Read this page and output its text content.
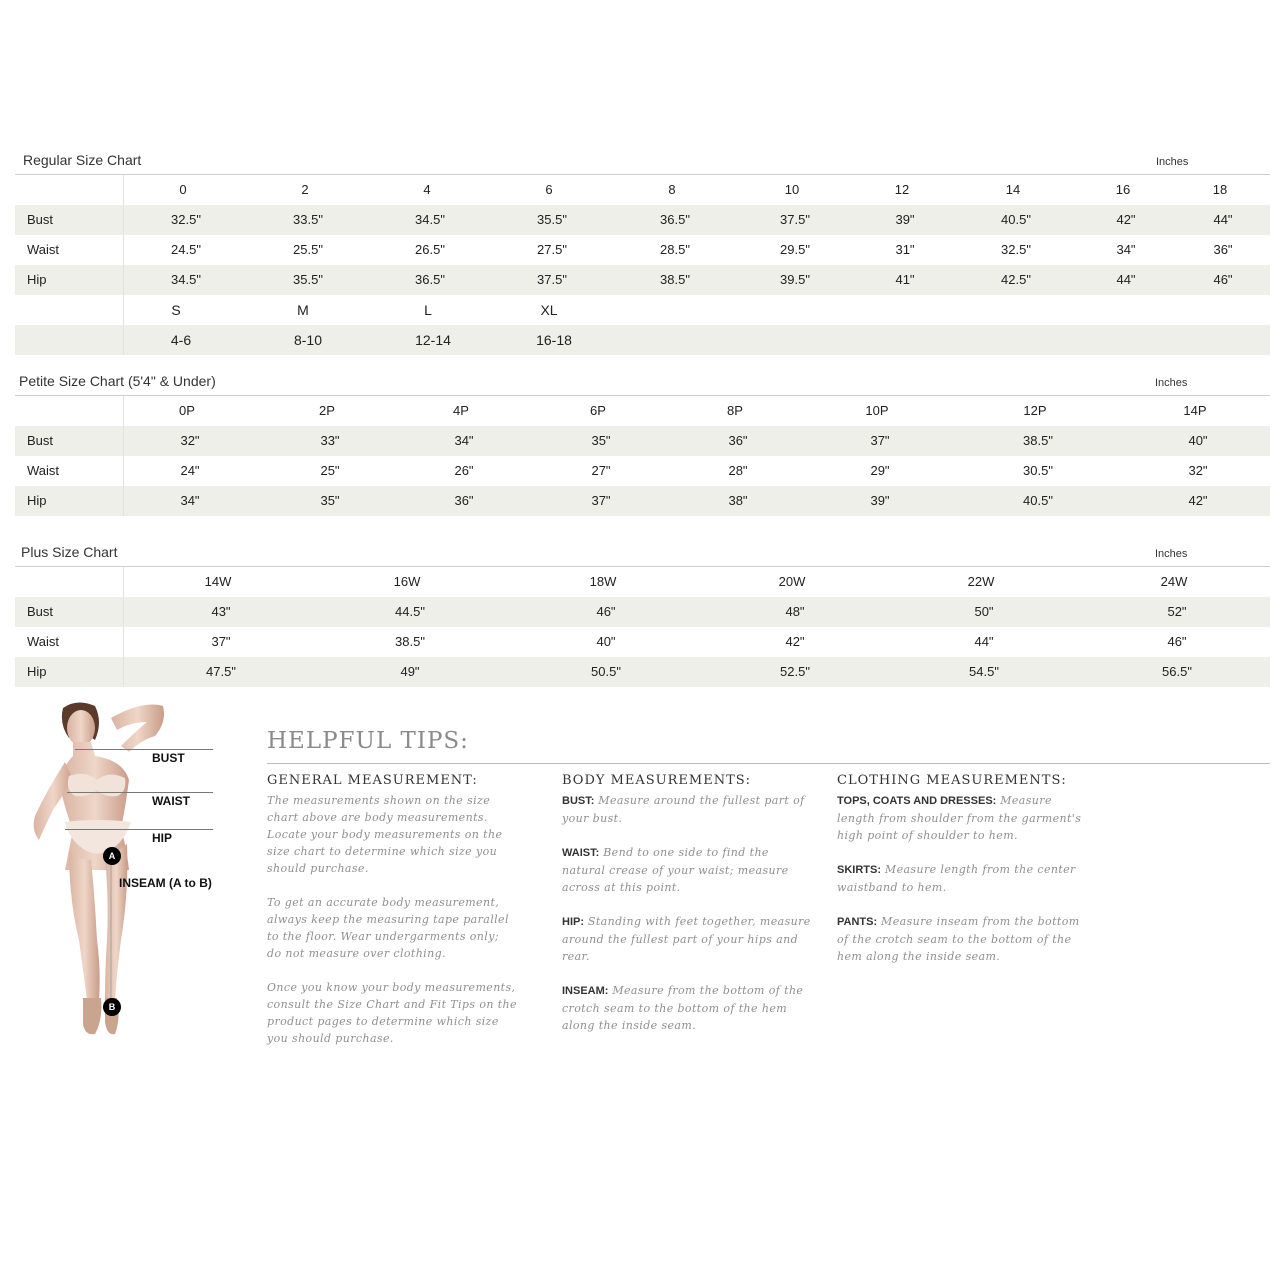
Regular Size Chart	Inches
0	2	4	6	8	10	12	14	16	18
Bust	32.5"	33.5"	34.5"	35.5"	36.5"	37.5"	39"	40.5"	42"	44"
Waist	24.5"	25.5"	26.5"	27.5"	28.5"	29.5"	31"	32.5"	34"	36"
Hip	34.5"	35.5"	36.5"	37.5"	38.5"	39.5"	41"	42.5"	44"	46"
S	M	L	XL
4-6	8-10	12-14	16-18
Petite Size Chart (5'4" & Under)	Inches
0P	2P	4P	6P	8P	10P	12P	14P
Bust	32"	33"	34"	35"	36"	37"	38.5"	40"
Waist	24"	25"	26"	27"	28"	29"	30.5"	32"
Hip	34"	35"	36"	37"	38"	39"	40.5"	42"
Plus Size Chart	Inches
14W	16W	18W	20W	22W	24W
Bust	43"	44.5"	46"	48"	50"	52"
Waist	37"	38.5"	40"	42"	44"	46"
Hip	47.5"	49"	50.5"	52.5"	54.5"	56.5"
BUST
WAIST
HIP
INSEAM (A to B)
A
B
HELPFUL TIPS:
GENERAL MEASUREMENT:

The measurements shown on the size chart above are body measurements. Locate your body measurements on the size chart to determine which size you should purchase.

To get an accurate body measurement, always keep the measuring tape parallel to the floor. Wear undergarments only; do not measure over clothing.

Once you know your body measurements, consult the Size Chart and Fit Tips on the product pages to determine which size you should purchase.

BODY MEASUREMENTS:

BUST: Measure around the fullest part of your bust.

WAIST: Bend to one side to find the natural crease of your waist; measure across at this point.

HIP: Standing with feet together, measure around the fullest part of your hips and rear.

INSEAM: Measure from the bottom of the crotch seam to the bottom of the hem along the inside seam.

CLOTHING MEASUREMENTS:

TOPS, COATS AND DRESSES: Measure length from shoulder from the garment's high point of shoulder to hem.

SKIRTS: Measure length from the center waistband to hem.

PANTS: Measure inseam from the bottom of the crotch seam to the bottom of the hem along the inside seam.
